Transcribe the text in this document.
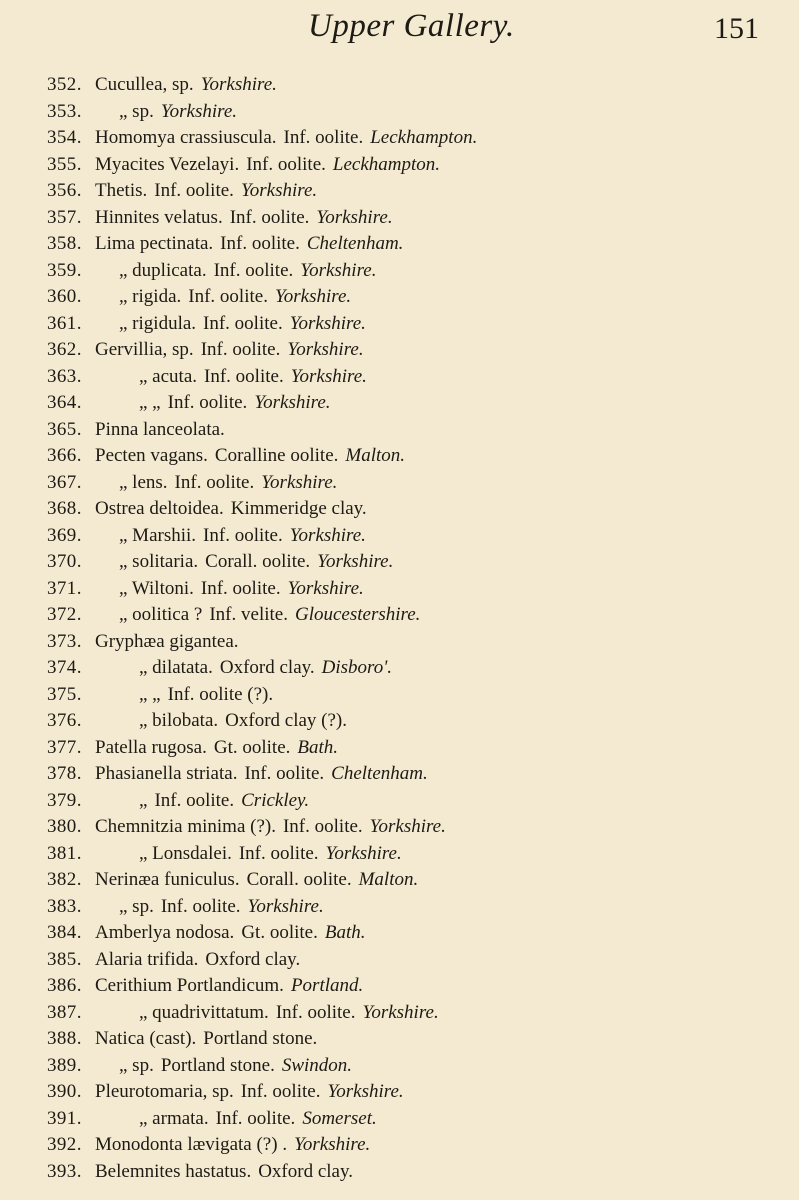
Upper Gallery.	151
352. Cucullea, sp. Yorkshire.
353. „ sp. Yorkshire.
354. Homomya crassiuscula. Inf. oolite. Leckhampton.
355. Myacites Vezelayi. Inf. oolite. Leckhampton.
356. Thetis. Inf. oolite. Yorkshire.
357. Hinnites velatus. Inf. oolite. Yorkshire.
358. Lima pectinata. Inf. oolite. Cheltenham.
359. „ duplicata. Inf. oolite. Yorkshire.
360. „ rigida. Inf. oolite. Yorkshire.
361. „ rigidula. Inf. oolite. Yorkshire.
362. Gervillia, sp. Inf. oolite. Yorkshire.
363.	„ acuta. Inf. oolite. Yorkshire.
364.	„ „ Inf. oolite. Yorkshire.
365. Pinna lanceolata.
366. Pecten vagans. Coralline oolite. Malton.
367. „ lens. Inf. oolite. Yorkshire.
368. Ostrea deltoidea. Kimmeridge clay.
369. „ Marshii. Inf. oolite. Yorkshire.
370. „ solitaria. Corall. oolite. Yorkshire.
371. „ Wiltoni. Inf. oolite. Yorkshire.
372. „ oolitica ? Inf. velite. Gloucestershire.
373. Gryphæa gigantea.
374.	„ dilatata. Oxford clay. Disboro'.
375.	„ „ Inf. oolite (?).
376.	„ bilobata. Oxford clay (?).
377. Patella rugosa. Gt. oolite. Bath.
378. Phasianella striata. Inf. oolite. Cheltenham.
379.	„ Inf. oolite. Crickley.
380. Chemnitzia minima (?). Inf. oolite. Yorkshire.
381.	„ Lonsdalei. Inf. oolite. Yorkshire.
382. Nerinæa funiculus. Corall. oolite. Malton.
383. „ sp. Inf. oolite. Yorkshire.
384. Amberlya nodosa. Gt. oolite. Bath.
385. Alaria trifida. Oxford clay.
386. Cerithium Portlandicum. Portland.
387.	„ quadrivittatum. Inf. oolite. Yorkshire.
388. Natica (cast). Portland stone.
389. „ sp. Portland stone. Swindon.
390. Pleurotomaria, sp. Inf. oolite. Yorkshire.
391.	„ armata. Inf. oolite. Somerset.
392. Monodonta lævigata (?) . Yorkshire.
393. Belemnites hastatus. Oxford clay.
